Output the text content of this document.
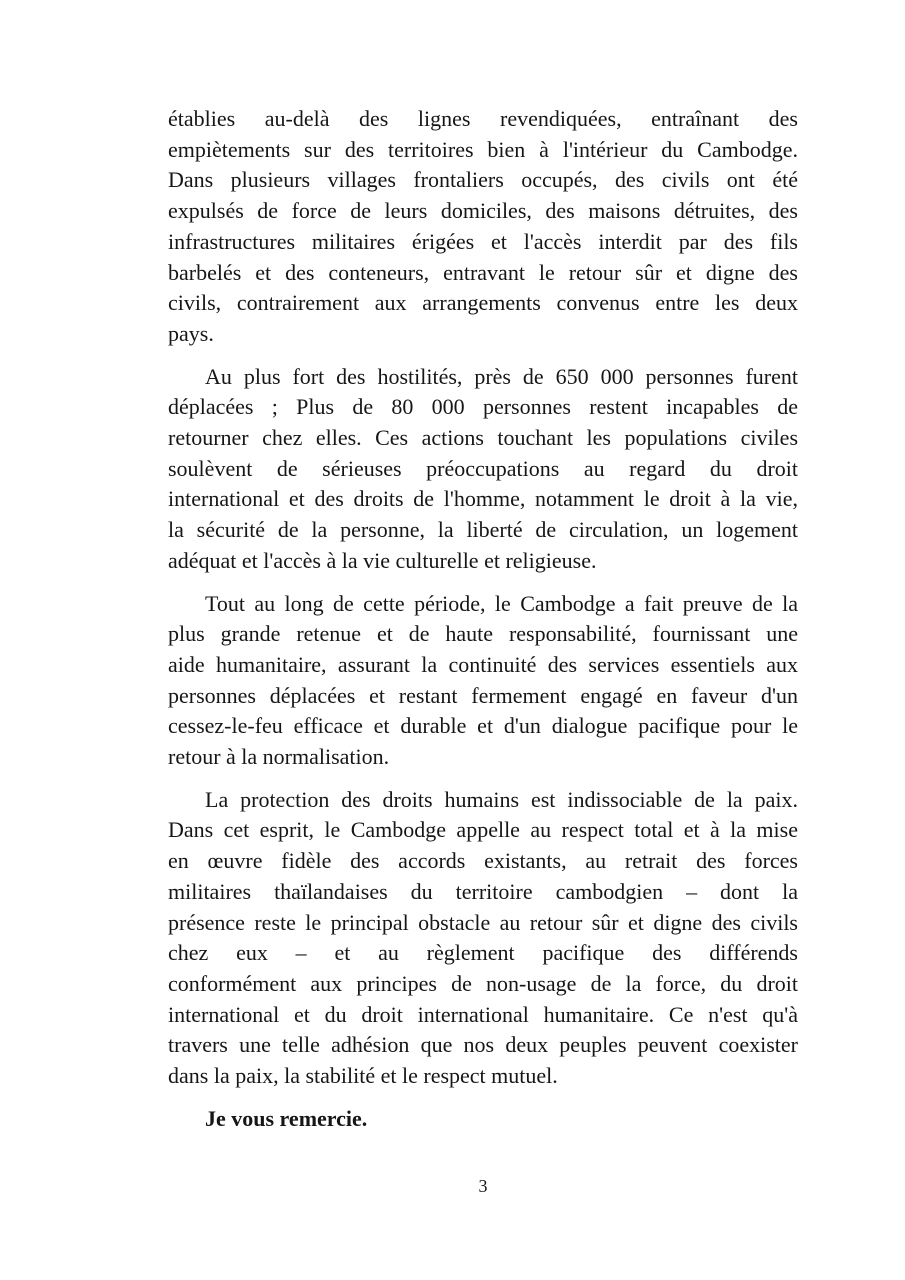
établies au-delà des lignes revendiquées, entraînant des
empiètements sur des territoires bien à l'intérieur du Cambodge.
Dans plusieurs villages frontaliers occupés, des civils ont été
expulsés de force de leurs domiciles, des maisons détruites, des
infrastructures militaires érigées et l'accès interdit par des fils
barbelés et des conteneurs, entravant le retour sûr et digne des
civils, contrairement aux arrangements convenus entre les deux
pays.
Au plus fort des hostilités, près de 650 000 personnes furent
déplacées ; Plus de 80 000 personnes restent incapables de
retourner chez elles. Ces actions touchant les populations civiles
soulèvent de sérieuses préoccupations au regard du droit
international et des droits de l'homme, notamment le droit à la vie,
la sécurité de la personne, la liberté de circulation, un logement
adéquat et l'accès à la vie culturelle et religieuse.
Tout au long de cette période, le Cambodge a fait preuve de la
plus grande retenue et de haute responsabilité, fournissant une
aide humanitaire, assurant la continuité des services essentiels aux
personnes déplacées et restant fermement engagé en faveur d'un
cessez-le-feu efficace et durable et d'un dialogue pacifique pour le
retour à la normalisation.
La protection des droits humains est indissociable de la paix.
Dans cet esprit, le Cambodge appelle au respect total et à la mise
en œuvre fidèle des accords existants, au retrait des forces
militaires thaïlandaises du territoire cambodgien – dont la
présence reste le principal obstacle au retour sûr et digne des civils
chez eux – et au règlement pacifique des différends
conformément aux principes de non-usage de la force, du droit
international et du droit international humanitaire. Ce n'est qu'à
travers une telle adhésion que nos deux peuples peuvent coexister
dans la paix, la stabilité et le respect mutuel.
Je vous remercie.
3
